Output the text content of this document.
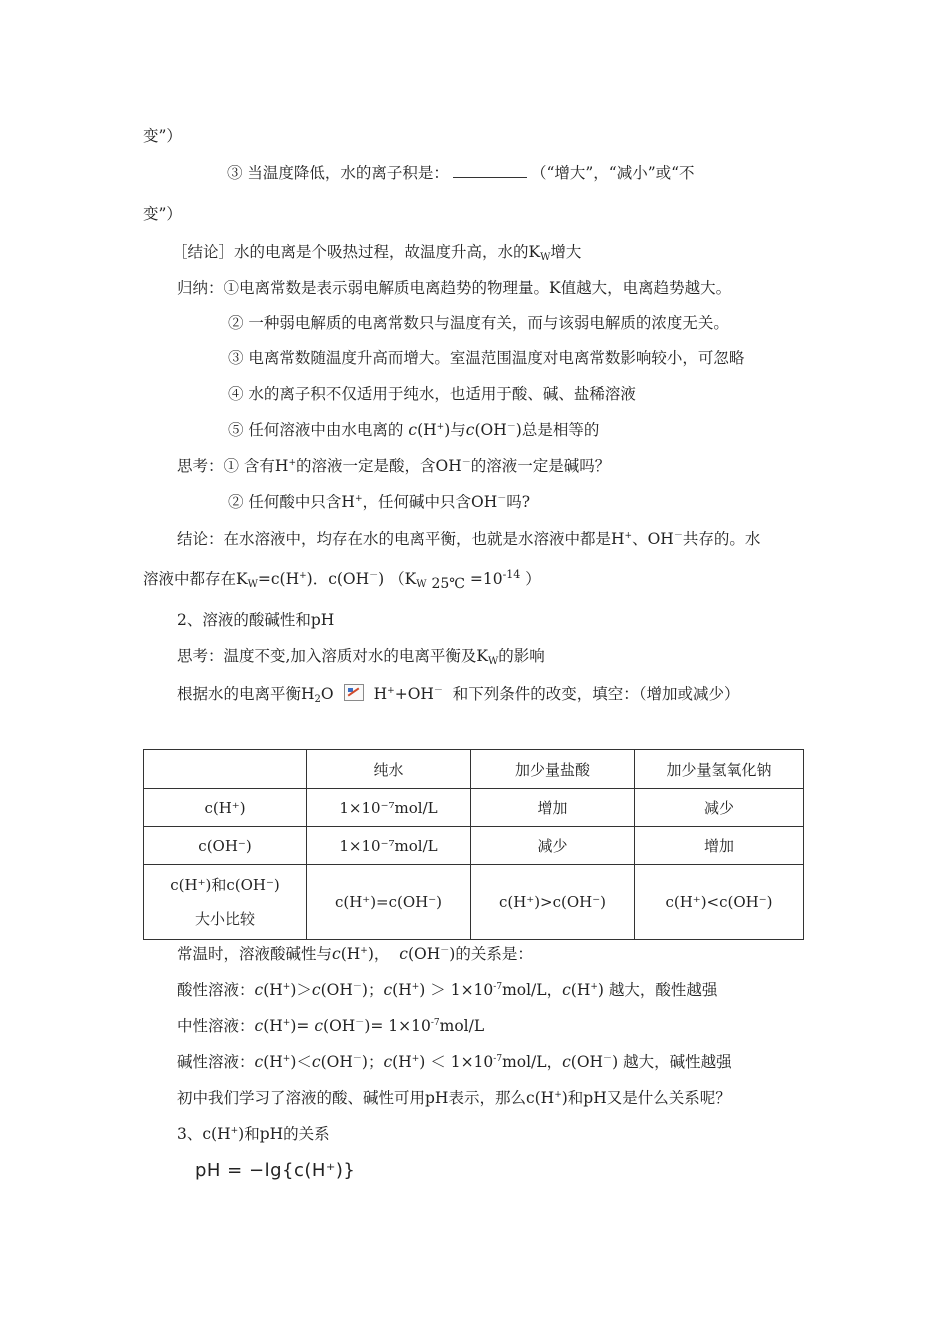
变”）
③ 当温度降低，水的离子积是：	（“增大”，“减小”或“不
变”）
［结论］水的电离是个吸热过程，故温度升高，水的$K_W$增大
归纳：①电离常数是表示弱电解质电离趋势的物理量。K值越大，电离趋势越大。
② 一种弱电解质的电离常数只与温度有关，而与该弱电解质的浓度无关。
③ 电离常数随温度升高而增大。室温范围温度对电离常数影响较小，可忽略
④ 水的离子积不仅适用于纯水，也适用于酸、碱、盐稀溶液
⑤ 任何溶液中由水电离的 c(H+)与c(OH－)总是相等的
思考：① 含有H+的溶液一定是酸，含OH－的溶液一定是碱吗？
② 任何酸中只含H+，任何碱中只含OH－吗?
结论：在水溶液中，均存在水的电离平衡，也就是水溶液中都是H+、OH－共存的。水
溶液中都存在$K_W=c(H^+)$．c(OH－) （$K_W$ 25℃ $=10^{-14}$ ）
2、溶液的酸碱性和pH
思考：温度不变,加入溶质对水的电离平衡及$K_W$的影响
根据水的电离平衡$H_2O$	H++OH－ 和下列条件的改变，填空：（增加或减少）
	纯水	加少量盐酸	加少量氢氧化钠
c(H⁺)	1×10⁻⁷mol/L	增加	减少
c(OH⁻)	1×10⁻⁷mol/L	减少	增加

c(H⁺)和c(OH⁻)
大小比较	c(H⁺)=c(OH⁻)	c(H⁺)>c(OH⁻)	c(H⁺)<c(OH⁻)
常温时，溶液酸碱性与c(H+)， c(OH－)的关系是：
酸性溶液：c(H+)＞c(OH－)；$c(H^+) > 1\times 10^{-7}mol/L$，c(H+) 越大，酸性越强
中性溶液：$c(H^+)= c(OH^-)= 1\times 10^{-7}mol/L$
碱性溶液：c(H+)＜c(OH－)；$c(H^+) < 1\times 10^{-7}mol/L$，c(OH－) 越大，碱性越强
初中我们学习了溶液的酸、碱性可用pH表示，那么c(H+)和pH又是什么关系呢？
3、c(H+)和pH的关系
pH = −lg{c(H⁺)}
